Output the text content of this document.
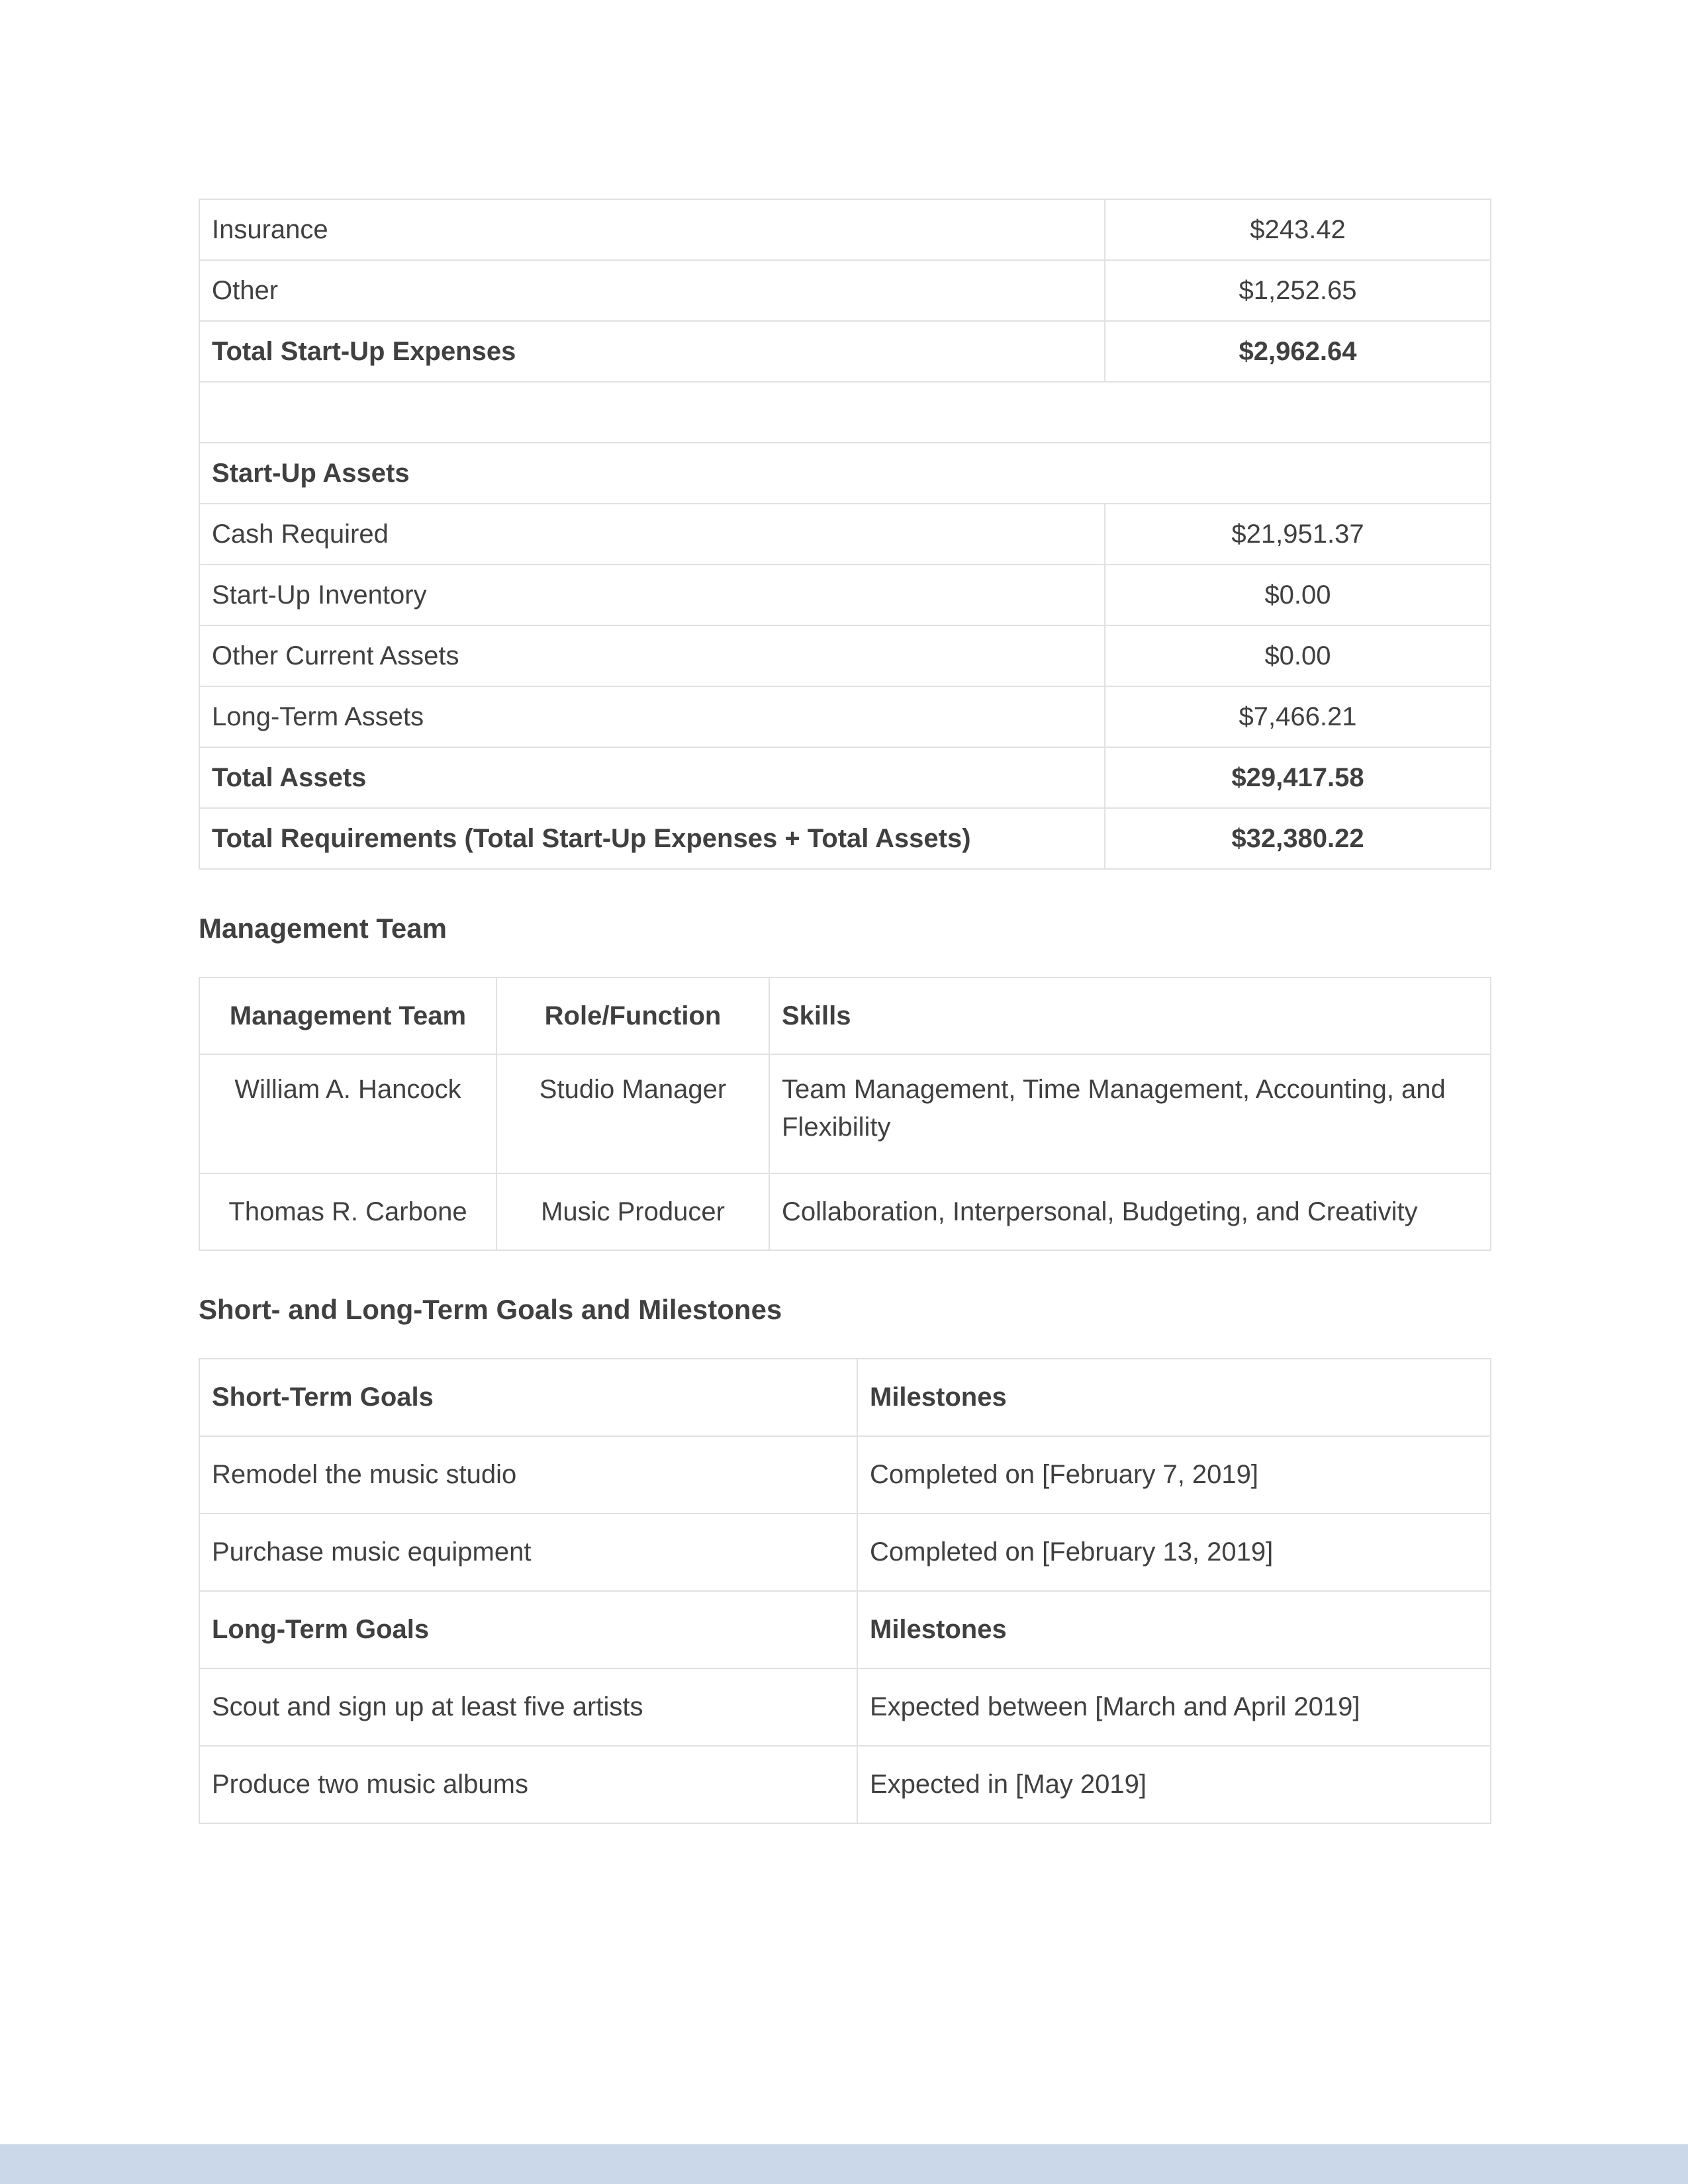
Insurance	$243.42
Other	$1,252.65
Total Start-Up Expenses	$2,962.64

Start-Up Assets	
Cash Required	$21,951.37
Start-Up Inventory	$0.00
Other Current Assets	$0.00
Long-Term Assets	$7,466.21
Total Assets	$29,417.58
Total Requirements (Total Start-Up Expenses + Total Assets)	$32,380.22

Management Team

Management Team	Role/Function	Skills
William A. Hancock	Studio Manager	Team Management, Time Management, Accounting, and Flexibility
Thomas R. Carbone	Music Producer	Collaboration, Interpersonal, Budgeting, and Creativity

Short- and Long-Term Goals and Milestones

Short-Term Goals	Milestones
Remodel the music studio	Completed on [February 7, 2019]
Purchase music equipment	Completed on [February 13, 2019]
Long-Term Goals	Milestones
Scout and sign up at least five artists	Expected between [March and April 2019]
Produce two music albums	Expected in [May 2019]
